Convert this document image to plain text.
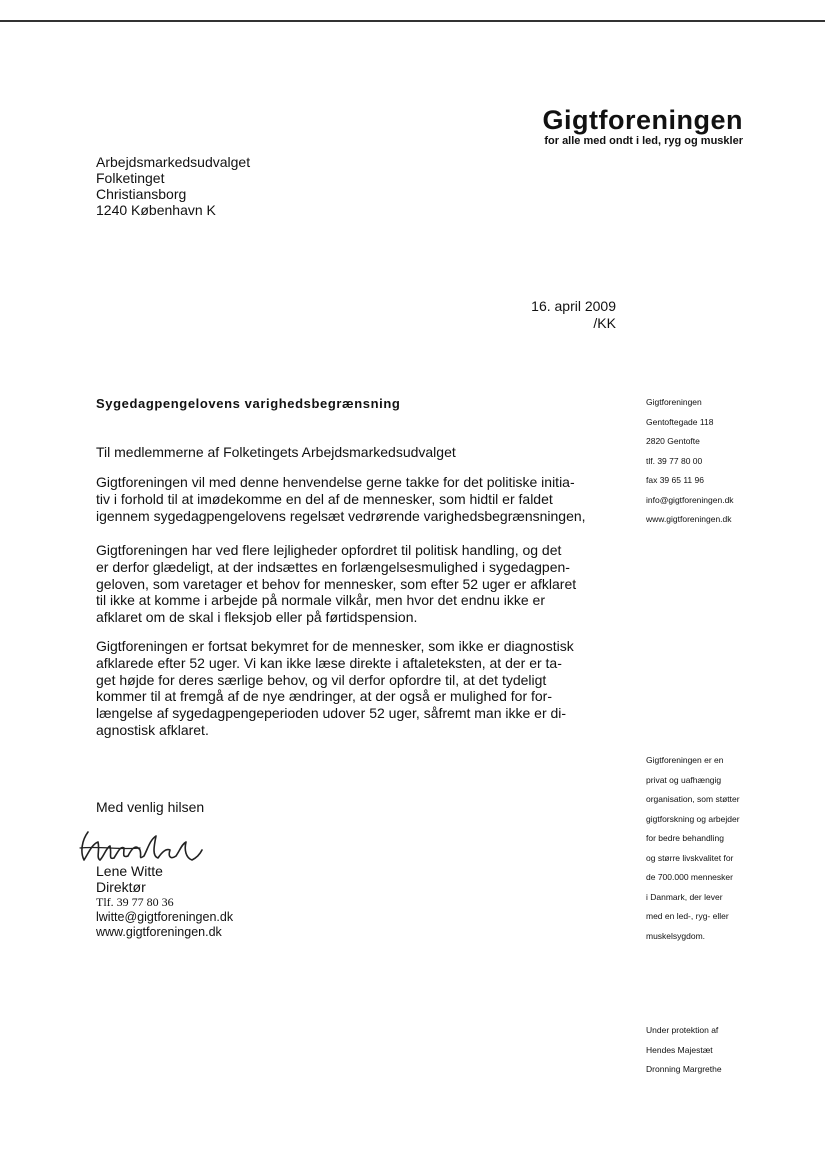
Gigtforeningen
for alle med ondt i led, ryg og muskler
Arbejdsmarkedsudvalget
Folketinget
Christiansborg
1240 København K
16. april 2009
/KK
Sygedagpengelovens varighedsbegrænsning
Til medlemmerne af Folketingets Arbejdsmarkedsudvalget

Gigtforeningen vil med denne henvendelse gerne takke for det politiske initia-
tiv i forhold til at imødekomme en del af de mennesker, som hidtil er faldet
igennem sygedagpengelovens regelsæt vedrørende varighedsbegrænsningen,

Gigtforeningen har ved flere lejligheder opfordret til politisk handling, og det
er derfor glædeligt, at der indsættes en forlængelsesmulighed i sygedagpen-
geloven, som varetager et behov for mennesker, som efter 52 uger er afklaret
til ikke at komme i arbejde på normale vilkår, men hvor det endnu ikke er
afklaret om de skal i fleksjob eller på førtidspension.

Gigtforeningen er fortsat bekymret for de mennesker, som ikke er diagnostisk
afklarede efter 52 uger. Vi kan ikke læse direkte i aftaleteksten, at der er ta-
get højde for deres særlige behov, og vil derfor opfordre til, at det tydeligt
kommer til at fremgå af de nye ændringer, at der også er mulighed for for-
længelse af sygedagpengeperioden udover 52 uger, såfremt man ikke er di-
agnostisk afklaret.

Med venlig hilsen
Lene Witte
Direktør
Tlf. 39 77 80 36
lwitte@gigtforeningen.dk
www.gigtforeningen.dk
Gigtforeningen
Gentoftegade 118
2820 Gentofte
tlf. 39 77 80 00
fax 39 65 11 96
info@gigtforeningen.dk
www.gigtforeningen.dk
Gigtforeningen er en
privat og uafhængig
organisation, som støtter
gigtforskning og arbejder
for bedre behandling
og større livskvalitet for
de 700.000 mennesker
i Danmark, der lever
med en led-, ryg- eller
muskelsygdom.
Under protektion af
Hendes Majestæt
Dronning Margrethe
